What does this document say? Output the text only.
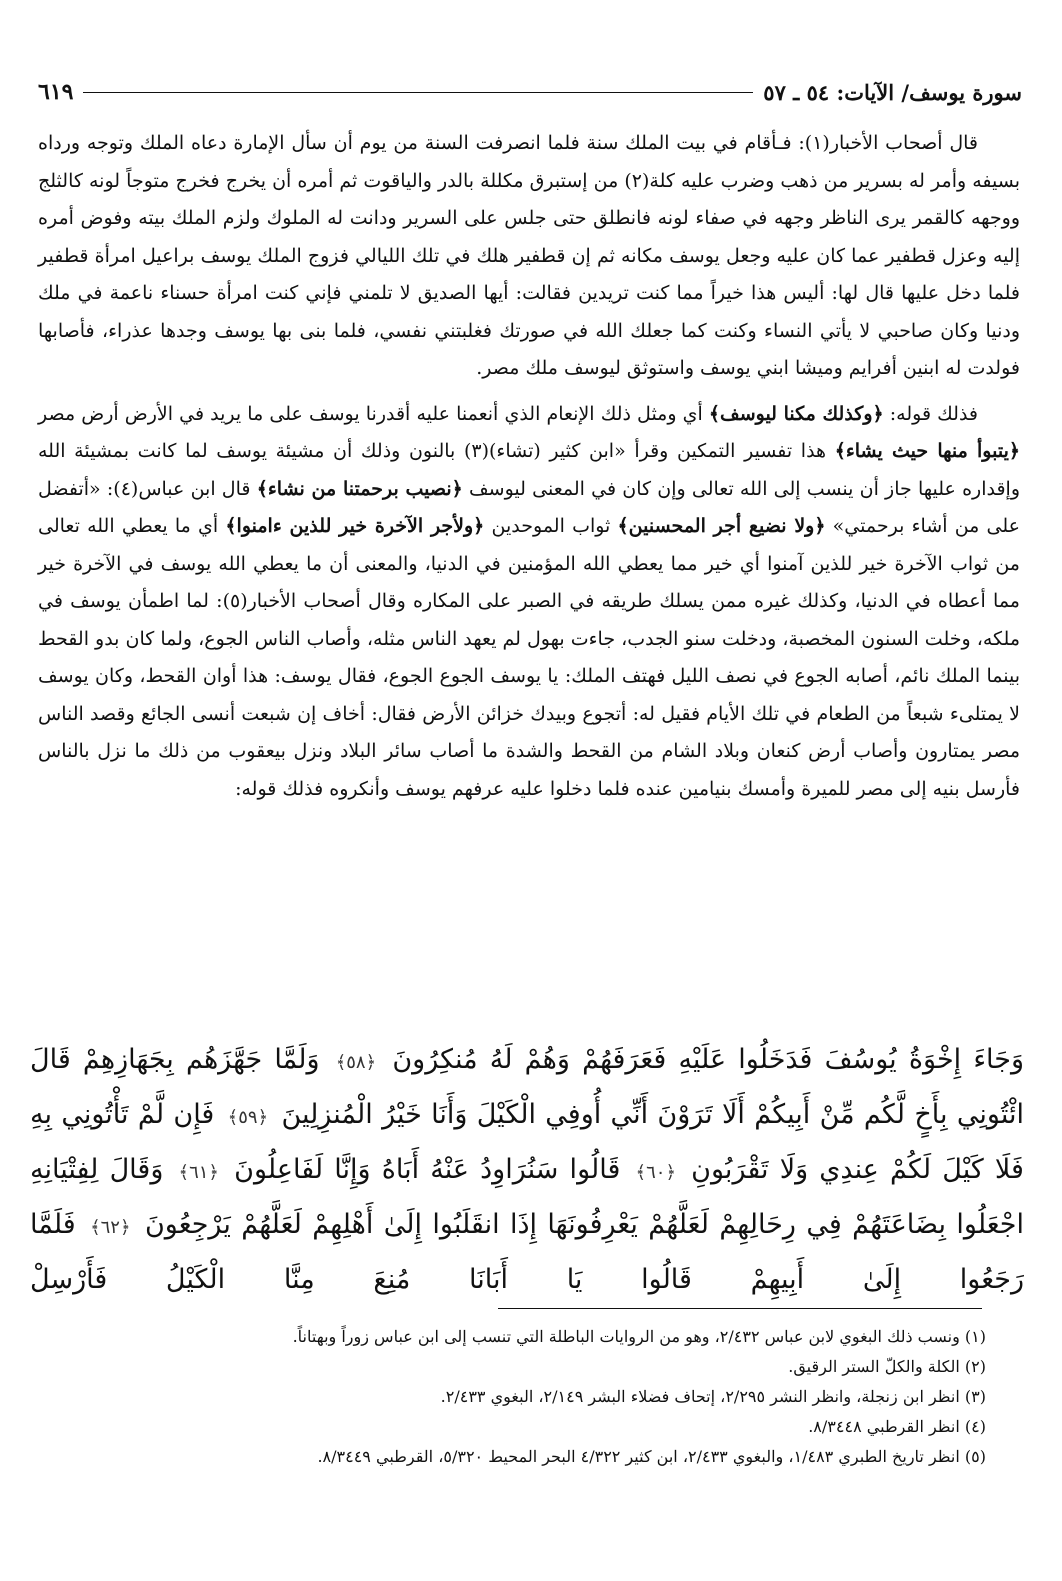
سورة يوسف/ الآيات: ٥٤ ـ ٥٧
٦١٩

قال أصحاب الأخبار(١): فـأقام في بيت الملك سنة فلما انصرفت السنة من يوم أن سأل الإمارة دعاه الملك وتوجه ورداه بسيفه وأمر له بسرير من ذهب وضرب عليه كلة(٢) من إستبرق مكللة بالدر والياقوت ثم أمره أن يخرج فخرج متوجاً لونه كالثلج ووجهه كالقمر يرى الناظر وجهه في صفاء لونه فانطلق حتى جلس على السرير ودانت له الملوك ولزم الملك بيته وفوض أمره إليه وعزل قطفير عما كان عليه وجعل يوسف مكانه ثم إن قطفير هلك في تلك الليالي فزوج الملك يوسف براعيل امرأة قطفير فلما دخل عليها قال لها: أليس هذا خيراً مما كنت تريدين فقالت: أيها الصديق لا تلمني فإني كنت امرأة حسناء ناعمة في ملك ودنيا وكان صاحبي لا يأتي النساء وكنت كما جعلك الله في صورتك فغلبتني نفسي، فلما بنى بها يوسف وجدها عذراء، فأصابها فولدت له ابنين أفرايم وميشا ابني يوسف واستوثق ليوسف ملك مصر.

فذلك قوله: ﴿وكذلك مكنا ليوسف﴾ أي ومثل ذلك الإنعام الذي أنعمنا عليه أقدرنا يوسف على ما يريد في الأرض أرض مصر ﴿يتبوأ منها حيث يشاء﴾ هذا تفسير التمكين وقرأ «ابن كثير (تشاء)(٣) بالنون وذلك أن مشيئة يوسف لما كانت بمشيئة الله وإقداره عليها جاز أن ينسب إلى الله تعالى وإن كان في المعنى ليوسف ﴿نصيب برحمتنا من نشاء﴾ قال ابن عباس(٤): «أتفضل على من أشاء برحمتي» ﴿ولا نضيع أجر المحسنين﴾ ثواب الموحدين ﴿ولأجر الآخرة خير للذين ءامنوا﴾ أي ما يعطي الله تعالى من ثواب الآخرة خير للذين آمنوا أي خير مما يعطي الله المؤمنين في الدنيا، والمعنى أن ما يعطي الله يوسف في الآخرة خير مما أعطاه في الدنيا، وكذلك غيره ممن يسلك طريقه في الصبر على المكاره وقال أصحاب الأخبار(٥): لما اطمأن يوسف في ملكه، وخلت السنون المخصبة، ودخلت سنو الجدب، جاءت بهول لم يعهد الناس مثله، وأصاب الناس الجوع، ولما كان بدو القحط بينما الملك نائم، أصابه الجوع في نصف الليل فهتف الملك: يا يوسف الجوع الجوع، فقال يوسف: هذا أوان القحط، وكان يوسف لا يمتلىء شبعاً من الطعام في تلك الأيام فقيل له: أتجوع وبيدك خزائن الأرض فقال: أخاف إن شبعت أنسى الجائع وقصد الناس مصر يمتارون وأصاب أرض كنعان وبلاد الشام من القحط والشدة ما أصاب سائر البلاد ونزل بيعقوب من ذلك ما نزل بالناس فأرسل بنيه إلى مصر للميرة وأمسك بنيامين عنده فلما دخلوا عليه عرفهم يوسف وأنكروه فذلك قوله:

وَجَاءَ إِخْوَةُ يُوسُفَ فَدَخَلُوا عَلَيْهِ فَعَرَفَهُمْ وَهُمْ لَهُ مُنكِرُونَ ﴿٥٨﴾ وَلَمَّا جَهَّزَهُم بِجَهَازِهِمْ قَالَ ائْتُونِي بِأَخٍ لَّكُم مِّنْ أَبِيكُمْ أَلَا تَرَوْنَ أَنِّي أُوفِي الْكَيْلَ وَأَنَا خَيْرُ الْمُنزِلِينَ ﴿٥٩﴾ فَإِن لَّمْ تَأْتُونِي بِهِ فَلَا كَيْلَ لَكُمْ عِندِي وَلَا تَقْرَبُونِ ﴿٦٠﴾ قَالُوا سَنُرَاوِدُ عَنْهُ أَبَاهُ وَإِنَّا لَفَاعِلُونَ ﴿٦١﴾ وَقَالَ لِفِتْيَانِهِ اجْعَلُوا بِضَاعَتَهُمْ فِي رِحَالِهِمْ لَعَلَّهُمْ يَعْرِفُونَهَا إِذَا انقَلَبُوا إِلَىٰ أَهْلِهِمْ لَعَلَّهُمْ يَرْجِعُونَ ﴿٦٢﴾ فَلَمَّا رَجَعُوا إِلَىٰ أَبِيهِمْ قَالُوا يَا أَبَانَا مُنِعَ مِنَّا الْكَيْلُ فَأَرْسِلْ
(١) ونسب ذلك البغوي لابن عباس ٢/٤٣٢، وهو من الروايات الباطلة التي تنسب إلى ابن عباس زوراً وبهتاناً.
(٢) الكلة والكلّ الستر الرقيق.
(٣) انظر ابن زنجلة، وانظر النشر ٢/٢٩٥، إتحاف فضلاء البشر ٢/١٤٩، البغوي ٢/٤٣٣.
(٤) انظر القرطبي ٨/٣٤٤٨.
(٥) انظر تاريخ الطبري ١/٤٨٣، والبغوي ٢/٤٣٣، ابن كثير ٤/٣٢٢ البحر المحيط ٥/٣٢٠، القرطبي ٨/٣٤٤٩.
